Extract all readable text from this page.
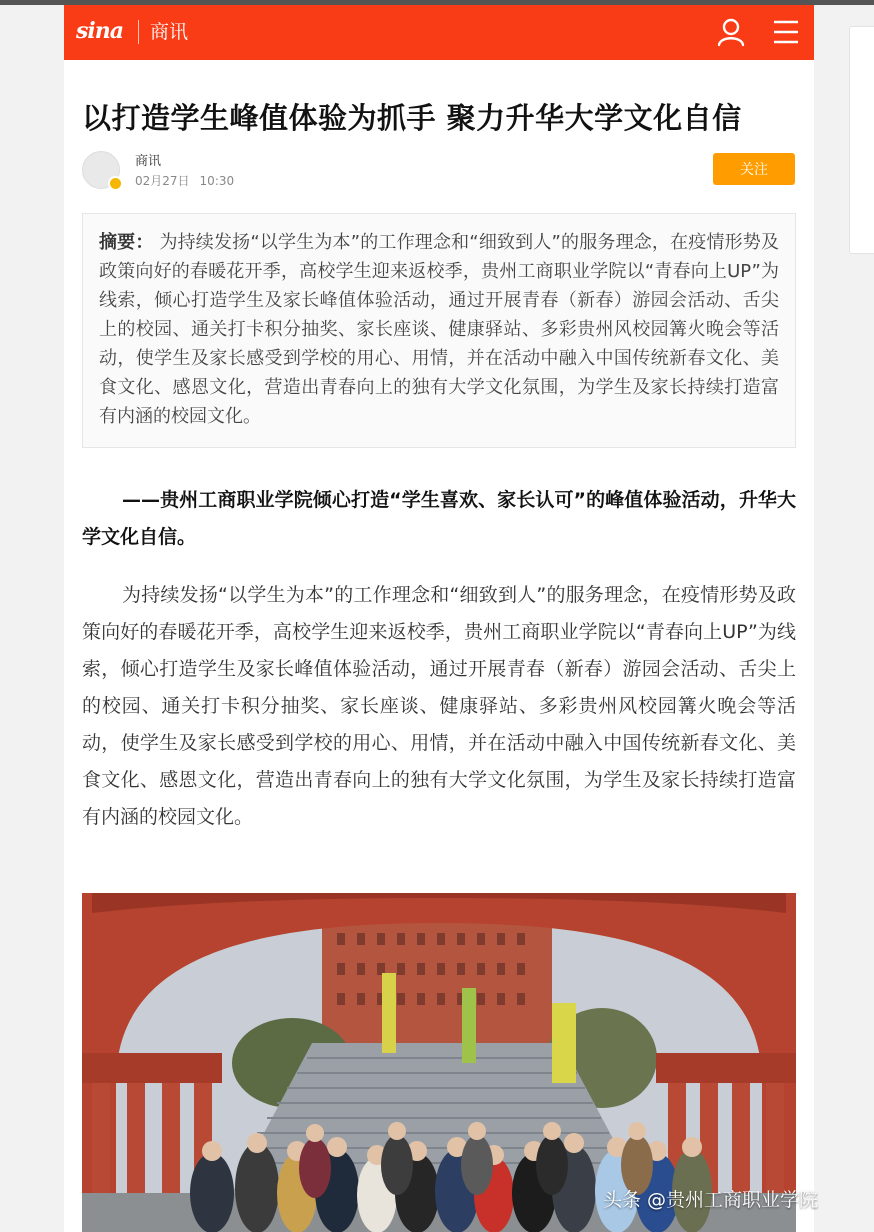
sina 商讯
以打造学生峰值体验为抓手 聚力升华大学文化自信
商讯
02月27日 10:30
关注
摘要： 为持续发扬“以学生为本”的工作理念和“细致到人”的服务理念，在疫情形势及政策向好的春暖花开季，高校学生迎来返校季，贵州工商职业学院以“青春向上UP”为线索，倾心打造学生及家长峰值体验活动，通过开展青春（新春）游园会活动、舌尖上的校园、通关打卡积分抽奖、家长座谈、健康驿站、多彩贵州风校园篝火晚会等活动，使学生及家长感受到学校的用心、用情，并在活动中融入中国传统新春文化、美食文化、感恩文化，营造出青春向上的独有大学文化氛围，为学生及家长持续打造富有内涵的校园文化。

——贵州工商职业学院倾心打造“学生喜欢、家长认可”的峰值体验活动，升华大学文化自信。

为持续发扬“以学生为本”的工作理念和“细致到人”的服务理念，在疫情形势及政策向好的春暖花开季，高校学生迎来返校季，贵州工商职业学院以“青春向上UP”为线索，倾心打造学生及家长峰值体验活动，通过开展青春（新春）游园会活动、舌尖上的校园、通关打卡积分抽奖、家长座谈、健康驿站、多彩贵州风校园篝火晚会等活动，使学生及家长感受到学校的用心、用情，并在活动中融入中国传统新春文化、美食文化、感恩文化，营造出青春向上的独有大学文化氛围，为学生及家长持续打造富有内涵的校园文化。

头条 @贵州工商职业学院
